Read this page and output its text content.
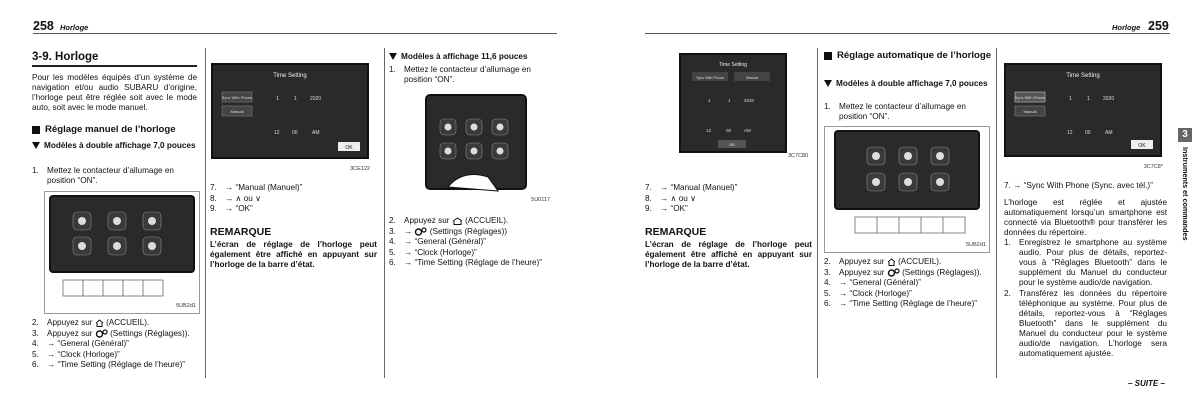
258 Horloge
3-9. Horloge

Pour les modèles équipés d’un système de navigation et/ou audio SUBARU d’origine, l’horloge peut être réglée soit avec le mode auto, soit avec le mode manuel.

Réglage manuel de l’horloge
Modèles à double affichage 7,0 pouces
1. Mettez le contacteur d’allumage en position “ON”.
5UB2d1
2. Appuyez sur (ACCUEIL).
3. Appuyez sur (Settings (Réglages)).
4. → “General (Général)”
5. → “Clock (Horloge)”
6. → “Time Setting (Réglage de l’heure)”
Time Setting
Sync With Phone
Manual
1	1	2020
12 00	AM
OK
3CE122
7. → “Manual (Manuel)”
8. → ∧ ou ∨
9. → “OK”
REMARQUE

L’écran de réglage de l’horloge peut également être affiché en appuyant sur l’horloge de la barre d’état.

Modèles à affichage 11,6 pouces
1. Mettez le contacteur d’allumage en position “ON”.
5U0117
2. Appuyez sur (ACCUEIL).
3. → (Settings (Réglages))
4. → “General (Général)”
5. → “Clock (Horloge)”
6. → “Time Setting (Réglage de l’heure)”
Horloge 259
Time Setting
Sync With Phone	Manual
1	1	2020
12	00	AM
OK
3C7C80
7. → “Manual (Manuel)”
8. → ∧ ou ∨
9. → “OK”
REMARQUE

L’écran de réglage de l’horloge peut également être affiché en appuyant sur l’horloge de la barre d’état.

Réglage automatique de l’horloge
Modèles à double affichage 7,0 pouces
1. Mettez le contacteur d’allumage en position “ON”.
5UB2d1
2. Appuyez sur (ACCUEIL).
3. Appuyez sur (Settings (Réglages)).
4. → “General (Général)”
5. → “Clock (Horloge)”
6. → “Time Setting (Réglage de l’heure)”
Time Setting
Sync With Phone
Manual
1	1	2020
12 00	AM
OK
3C7C8*
7. → “Sync With Phone (Sync. avec tél.)”

L’horloge est réglée et ajustée automatiquement lorsqu’un smartphone est connecté via Bluetooth® pour transférer les données du répertoire.

1. Enregistrez le smartphone au système audio. Pour plus de détails, reportez-vous à “Réglages Bluetooth” dans le supplément du Manuel du conducteur pour le système audio/de navigation.
2. Transférez les données du répertoire téléphonique au système. Pour plus de détails, reportez-vous à “Réglages Bluetooth” dans le supplément du Manuel du conducteur pour le système audio/de navigation. L’horloge sera automatiquement ajustée.
– SUITE –
3
Instruments et commandes
